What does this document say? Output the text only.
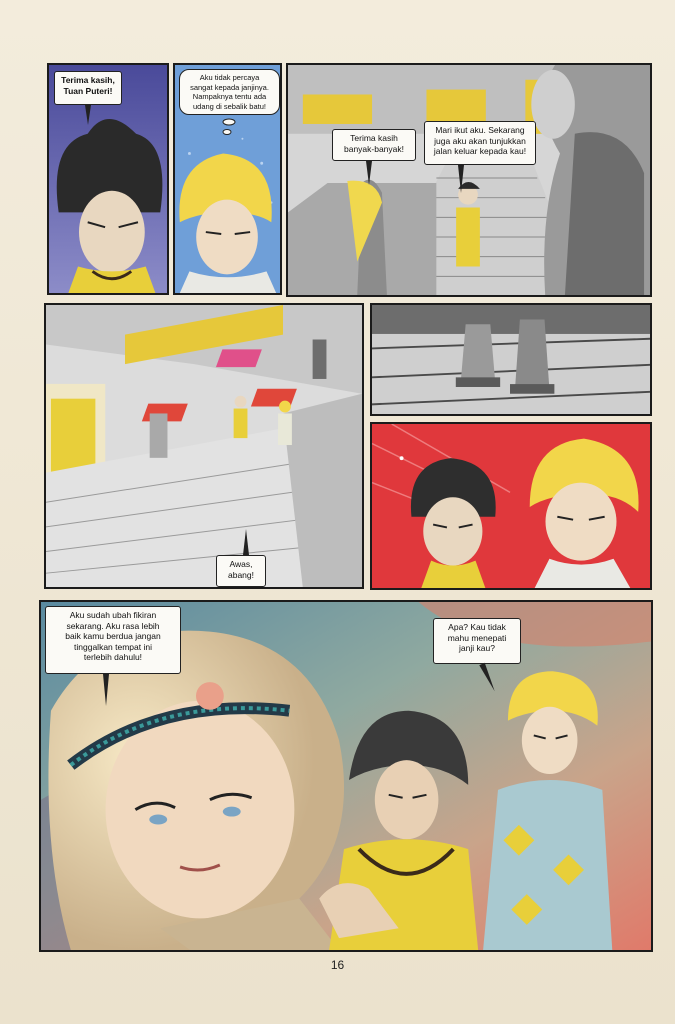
Terima kasih,
Tuan Puteri!
Aku tidak percaya
sangat kepada janjinya.
Nampaknya tentu ada
udang di sebalik batu!
Terima kasih
banyak-banyak!
Mari ikut aku. Sekarang
juga aku akan tunjukkan
jalan keluar kepada kau!
Awas,
abang!
Aku sudah ubah fikiran
sekarang. Aku rasa lebih
baik kamu berdua jangan
tinggalkan tempat ini
terlebih dahulu!
Apa? Kau tidak
mahu menepati
janji kau?
16
